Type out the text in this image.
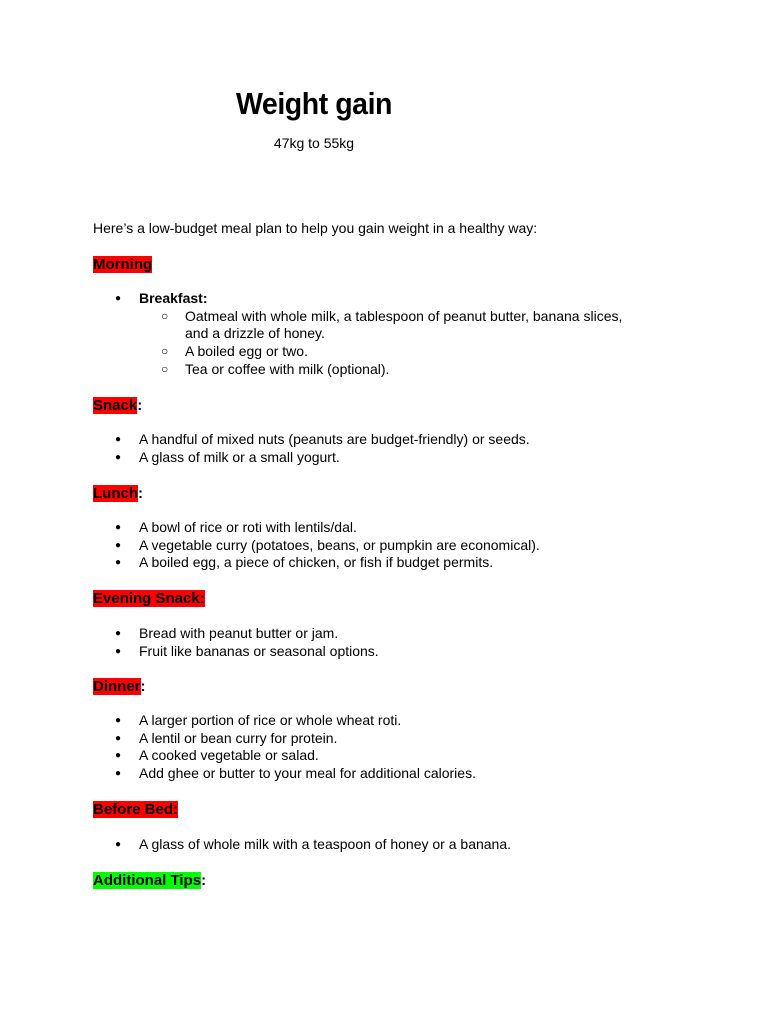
Weight gain
47kg to 55kg
Here’s a low-budget meal plan to help you gain weight in a healthy way:
Morning
● Breakfast:
○ Oatmeal with whole milk, a tablespoon of peanut butter, banana slices, and a drizzle of honey.
○ A boiled egg or two.
○ Tea or coffee with milk (optional).
Snack:
● A handful of mixed nuts (peanuts are budget-friendly) or seeds.
● A glass of milk or a small yogurt.
Lunch:
● A bowl of rice or roti with lentils/dal.
● A vegetable curry (potatoes, beans, or pumpkin are economical).
● A boiled egg, a piece of chicken, or fish if budget permits.
Evening Snack:
● Bread with peanut butter or jam.
● Fruit like bananas or seasonal options.
Dinner:
● A larger portion of rice or whole wheat roti.
● A lentil or bean curry for protein.
● A cooked vegetable or salad.
● Add ghee or butter to your meal for additional calories.
Before Bed:
● A glass of whole milk with a teaspoon of honey or a banana.
Additional Tips:
